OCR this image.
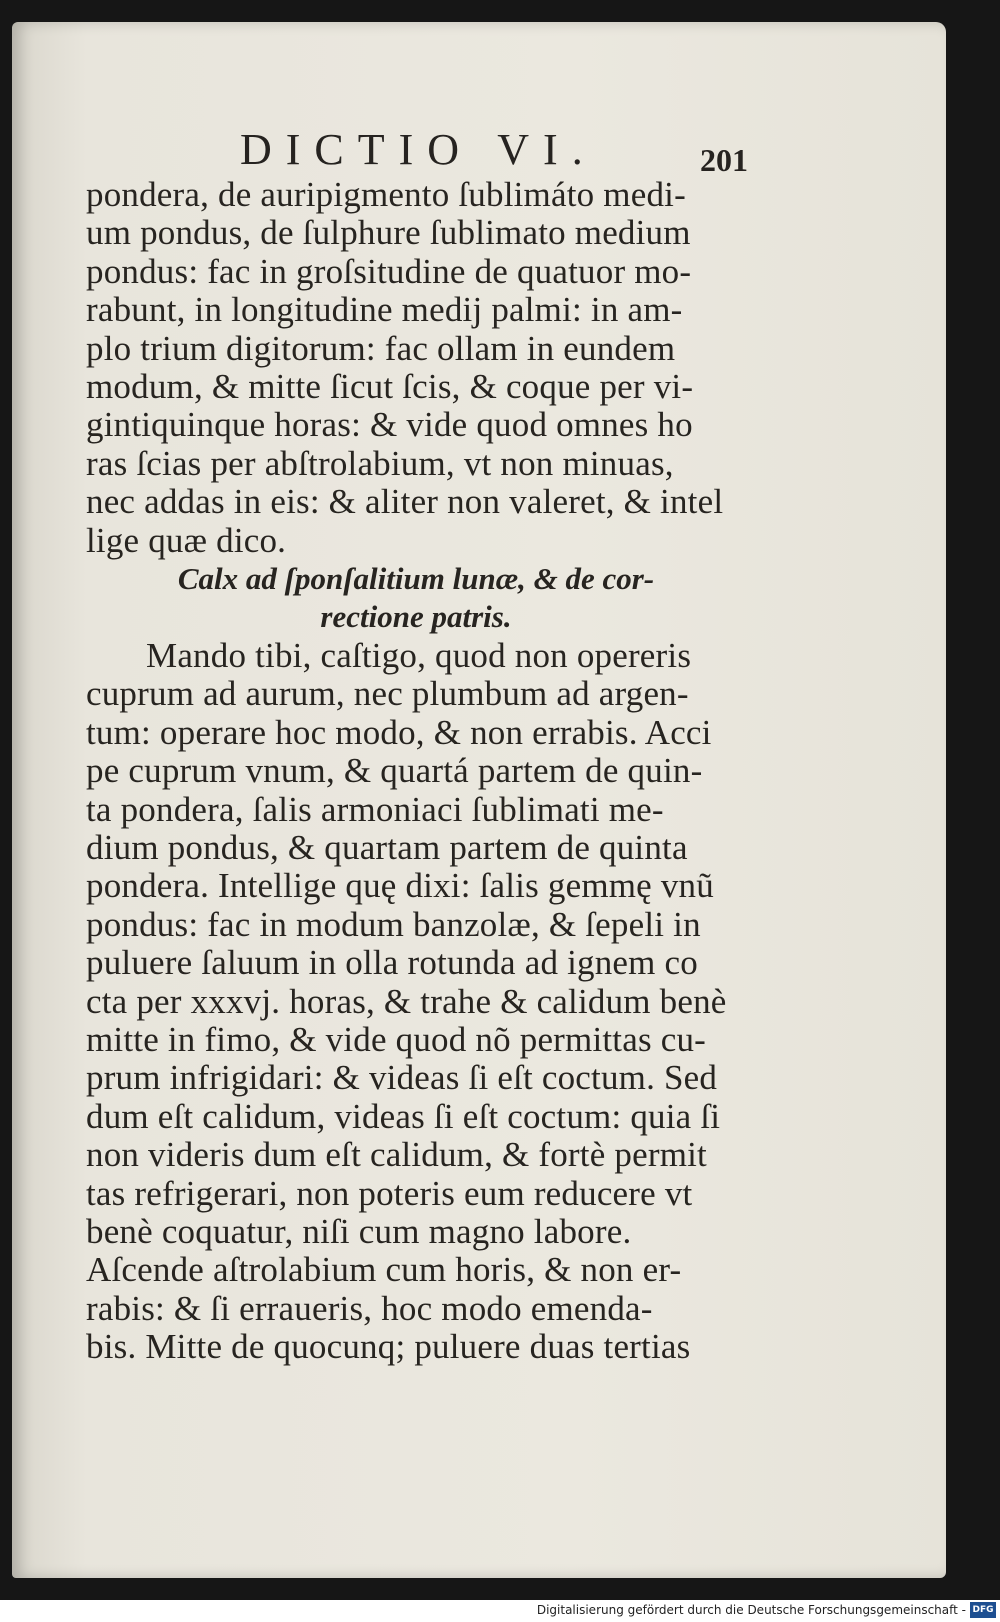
DICTIO VI.	201
pondera, de auripigmento ſublimáto medi-
um pondus, de ſulphure ſublimato medium
pondus: fac in groſsitudine de quatuor mo-
rabunt, in longitudine medij palmi: in am-
plo trium digitorum: fac ollam in eundem
modum, & mitte ſicut ſcis, & coque per vi-
gintiquinque horas: & vide quod omnes ho
ras ſcias per abſtrolabium, vt non minuas,
nec addas in eis: & aliter non valeret, & intel
lige quæ dico.
Calx ad ſponſalitium lunæ, & de cor-
rectione patris.
Mando tibi, caſtigo, quod non opereris
cuprum ad aurum, nec plumbum ad argen-
tum: operare hoc modo, & non errabis. Acci
pe cuprum vnum, & quartá partem de quin-
ta pondera, ſalis armoniaci ſublimati me-
dium pondus, & quartam partem de quinta
pondera. Intellige quę dixi: ſalis gemmę vnũ
pondus: fac in modum banzolæ, & ſepeli in
puluere ſaluum in olla rotunda ad ignem co
cta per xxxvj. horas, & trahe & calidum benè
mitte in fimo, & vide quod nõ permittas cu-
prum infrigidari: & videas ſi eſt coctum. Sed
dum eſt calidum, videas ſi eſt coctum: quia ſi
non videris dum eſt calidum, & fortè permit
tas refrigerari, non poteris eum reducere vt
benè coquatur, niſi cum magno labore.
Aſcende aſtrolabium cum horis, & non er-
rabis: & ſi erraueris, hoc modo emenda-
bis. Mitte de quocunq; puluere duas tertias
Digitalisierung gefördert durch die Deutsche Forschungsgemeinschaft - DFG
